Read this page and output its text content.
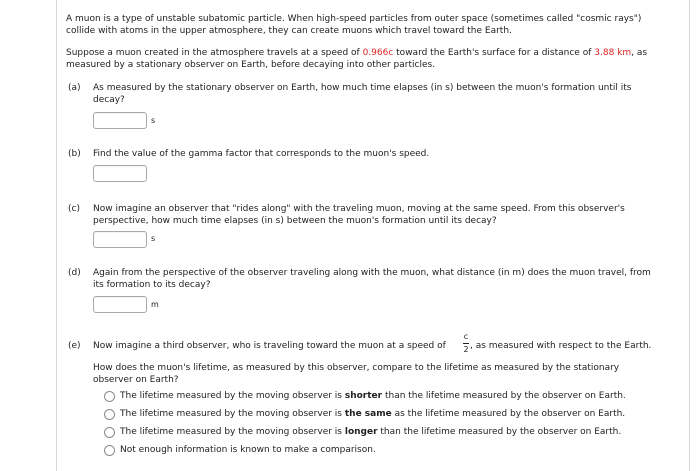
A muon is a type of unstable subatomic particle. When high-speed particles from outer space (sometimes called "cosmic rays")
collide with atoms in the upper atmosphere, they can create muons which travel toward the Earth.
Suppose a muon created in the atmosphere travels at a speed of 0.966c toward the Earth's surface for a distance of 3.88 km, as
measured by a stationary observer on Earth, before decaying into other particles.
(a) As measured by the stationary observer on Earth, how much time elapses (in s) between the muon's formation until its
decay?
s
(b) Find the value of the gamma factor that corresponds to the muon's speed.
(c) Now imagine an observer that "rides along" with the traveling muon, moving at the same speed. From this observer's
perspective, how much time elapses (in s) between the muon's formation until its decay?
s
(d) Again from the perspective of the observer traveling along with the muon, what distance (in m) does the muon travel, from
its formation to its decay?
m
(e) Now imagine a third observer, who is traveling toward the muon at a speed of
c
2 , as measured with respect to the Earth.
How does the muon's lifetime, as measured by this observer, compare to the lifetime as measured by the stationary
observer on Earth?
The lifetime measured by the moving observer is shorter than the lifetime measured by the observer on Earth.
The lifetime measured by the moving observer is the same as the lifetime measured by the observer on Earth.
The lifetime measured by the moving observer is longer than the lifetime measured by the observer on Earth.
Not enough information is known to make a comparison.
